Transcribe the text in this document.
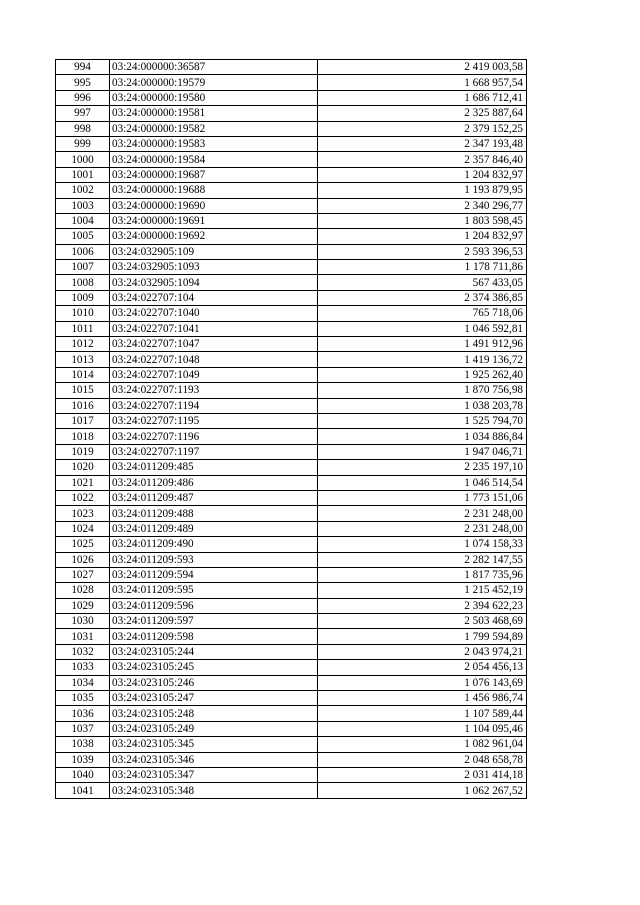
994	03:24:000000:36587	2 419 003,58
995	03:24:000000:19579	1 668 957,54
996	03:24:000000:19580	1 686 712,41
997	03:24:000000:19581	2 325 887,64
998	03:24:000000:19582	2 379 152,25
999	03:24:000000:19583	2 347 193,48
1000	03:24:000000:19584	2 357 846,40
1001	03:24:000000:19687	1 204 832,97
1002	03:24:000000:19688	1 193 879,95
1003	03:24:000000:19690	2 340 296,77
1004	03:24:000000:19691	1 803 598,45
1005	03:24:000000:19692	1 204 832,97
1006	03:24:032905:109	2 593 396,53
1007	03:24:032905:1093	1 178 711,86
1008	03:24:032905:1094	567 433,05
1009	03:24:022707:104	2 374 386,85
1010	03:24:022707:1040	765 718,06
1011	03:24:022707:1041	1 046 592,81
1012	03:24:022707:1047	1 491 912,96
1013	03:24:022707:1048	1 419 136,72
1014	03:24:022707:1049	1 925 262,40
1015	03:24:022707:1193	1 870 756,98
1016	03:24:022707:1194	1 038 203,78
1017	03:24:022707:1195	1 525 794,70
1018	03:24:022707:1196	1 034 886,84
1019	03:24:022707:1197	1 947 046,71
1020	03:24:011209:485	2 235 197,10
1021	03:24:011209:486	1 046 514,54
1022	03:24:011209:487	1 773 151,06
1023	03:24:011209:488	2 231 248,00
1024	03:24:011209:489	2 231 248,00
1025	03:24:011209:490	1 074 158,33
1026	03:24:011209:593	2 282 147,55
1027	03:24:011209:594	1 817 735,96
1028	03:24:011209:595	1 215 452,19
1029	03:24:011209:596	2 394 622,23
1030	03:24:011209:597	2 503 468,69
1031	03:24:011209:598	1 799 594,89
1032	03:24:023105:244	2 043 974,21
1033	03:24:023105:245	2 054 456,13
1034	03:24:023105:246	1 076 143,69
1035	03:24:023105:247	1 456 986,74
1036	03:24:023105:248	1 107 589,44
1037	03:24:023105:249	1 104 095,46
1038	03:24:023105:345	1 082 961,04
1039	03:24:023105:346	2 048 658,78
1040	03:24:023105:347	2 031 414,18
1041	03:24:023105:348	1 062 267,52
